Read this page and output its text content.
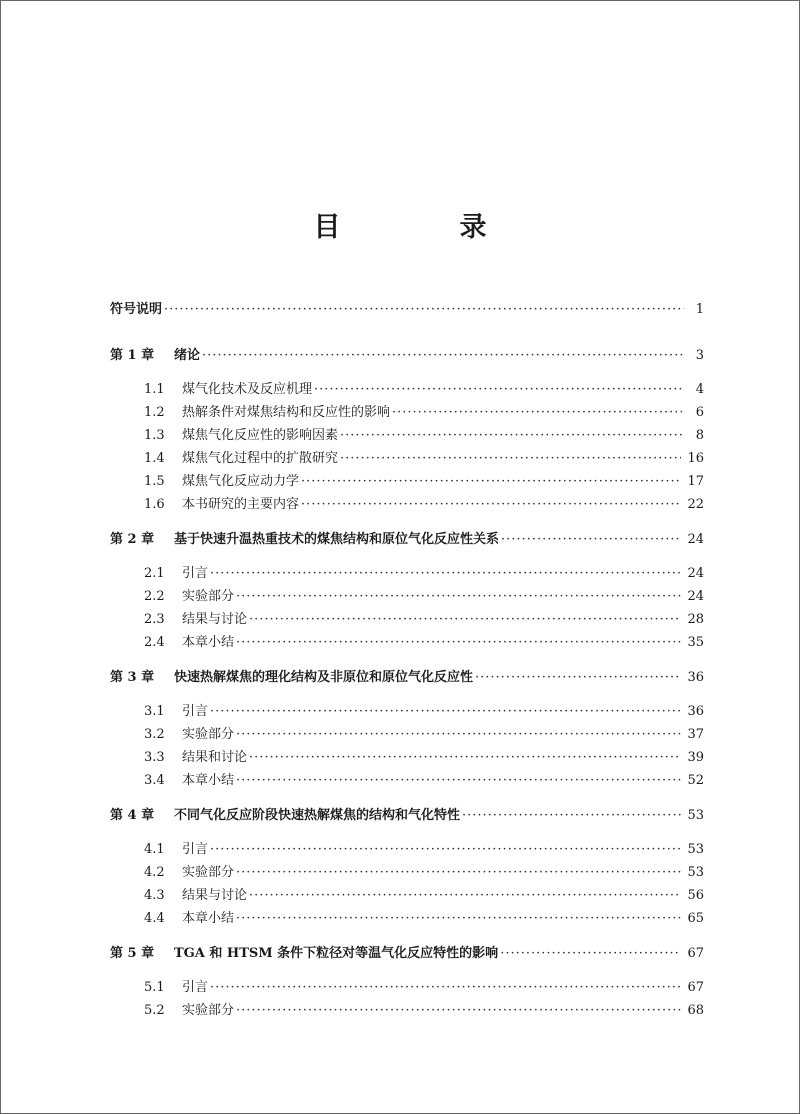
目　录
符号说明 ·····	1
第 1 章	绪论 ·····	3
1.1	煤气化技术及反应机理 ·····	4
1.2	热解条件对煤焦结构和反应性的影响 ·····	6
1.3	煤焦气化反应性的影响因素 ·····	8
1.4	煤焦气化过程中的扩散研究 ·····	16
1.5	煤焦气化反应动力学 ·····	17
1.6	本书研究的主要内容 ·····	22
第 2 章	基于快速升温热重技术的煤焦结构和原位气化反应性关系 ·····	24
2.1	引言 ·····	24
2.2	实验部分 ·····	24
2.3	结果与讨论 ·····	28
2.4	本章小结 ·····	35
第 3 章	快速热解煤焦的理化结构及非原位和原位气化反应性 ·····	36
3.1	引言 ·····	36
3.2	实验部分 ·····	37
3.3	结果和讨论 ·····	39
3.4	本章小结 ·····	52
第 4 章	不同气化反应阶段快速热解煤焦的结构和气化特性 ·····	53
4.1	引言 ·····	53
4.2	实验部分 ·····	53
4.3	结果与讨论 ·····	56
4.4	本章小结 ·····	65
第 5 章	TGA 和 HTSM 条件下粒径对等温气化反应特性的影响 ·····	67
5.1	引言 ·····	67
5.2	实验部分 ·····	68
